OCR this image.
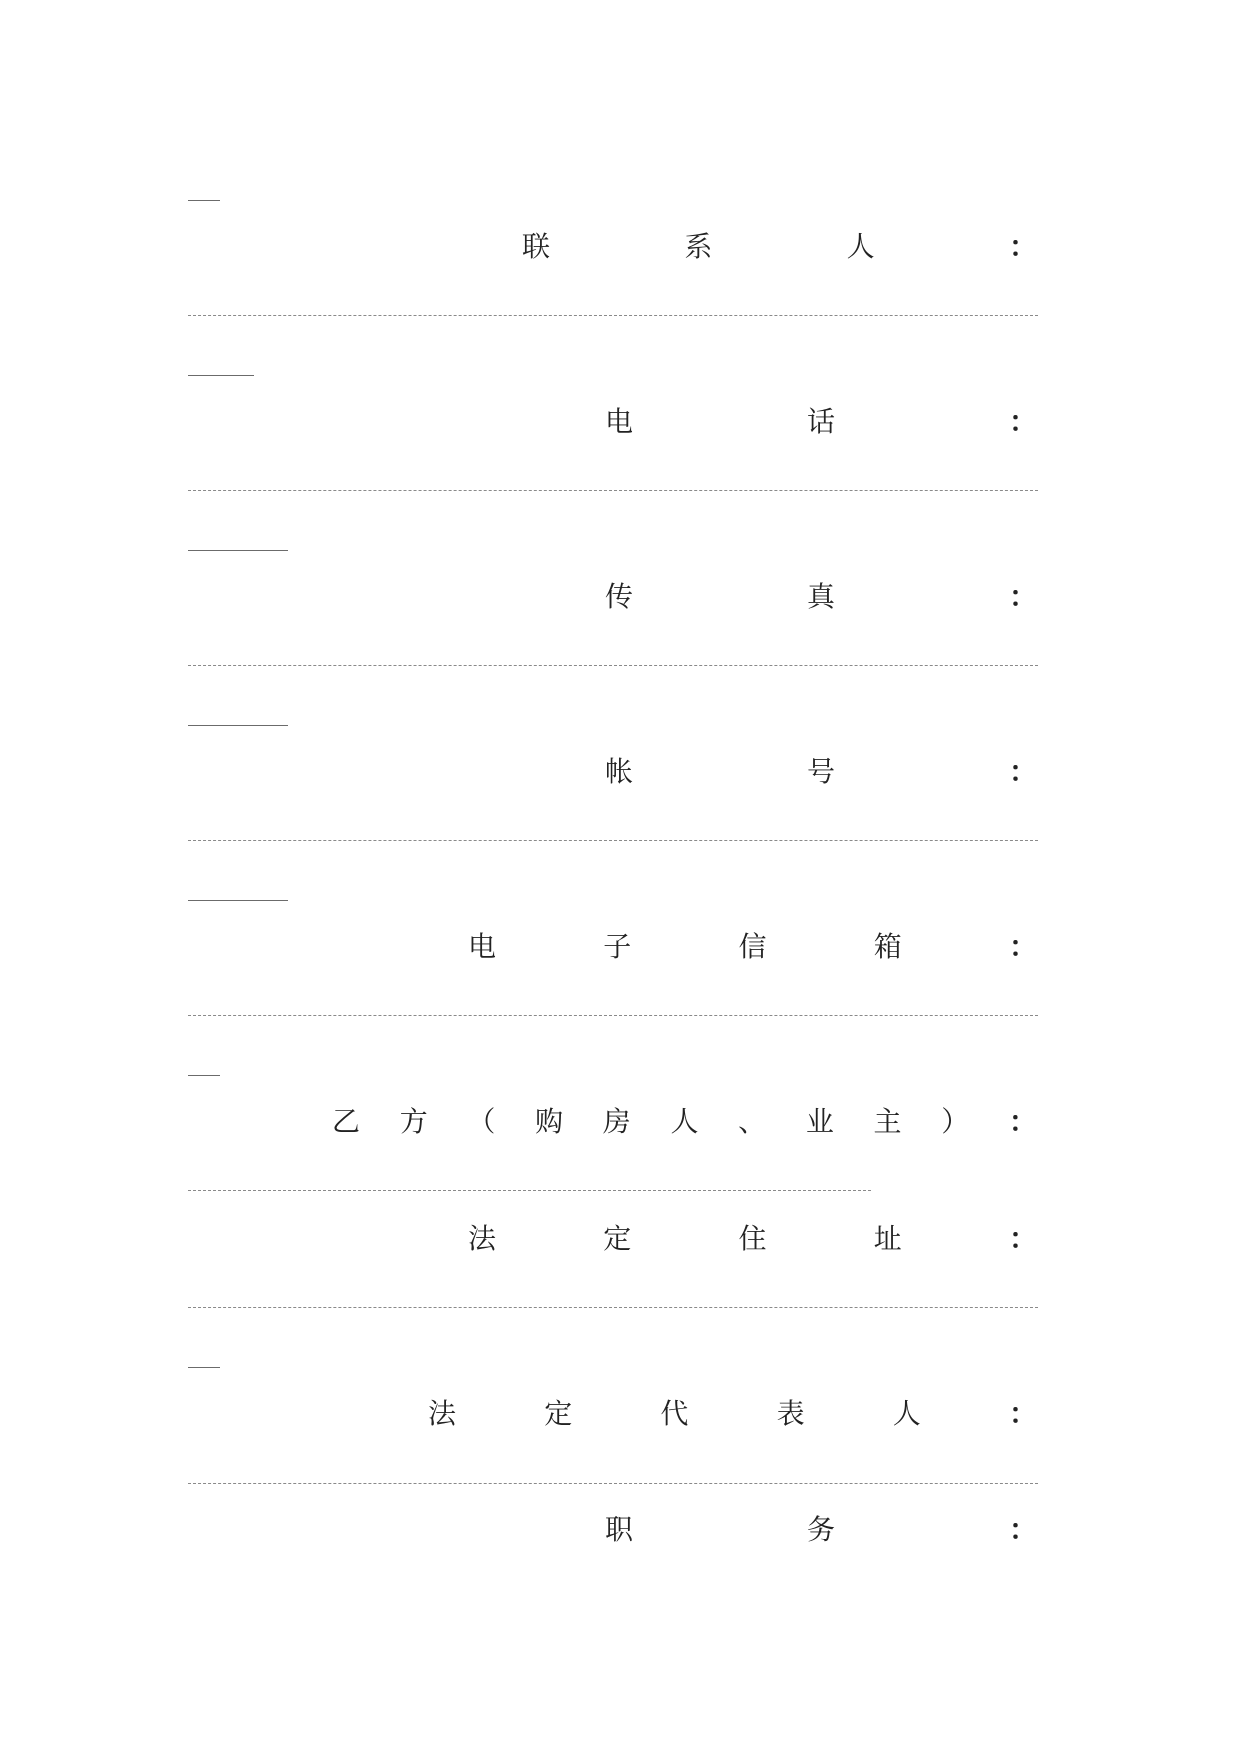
联	系	人	：
电	话	：
传	真	：
帐	号	：
电	子	信	箱	：
乙 方 （ 购 房 人 、 业 主 ） ：
法	定	住	址	：
法	定	代	表	人	：
职	务	：
